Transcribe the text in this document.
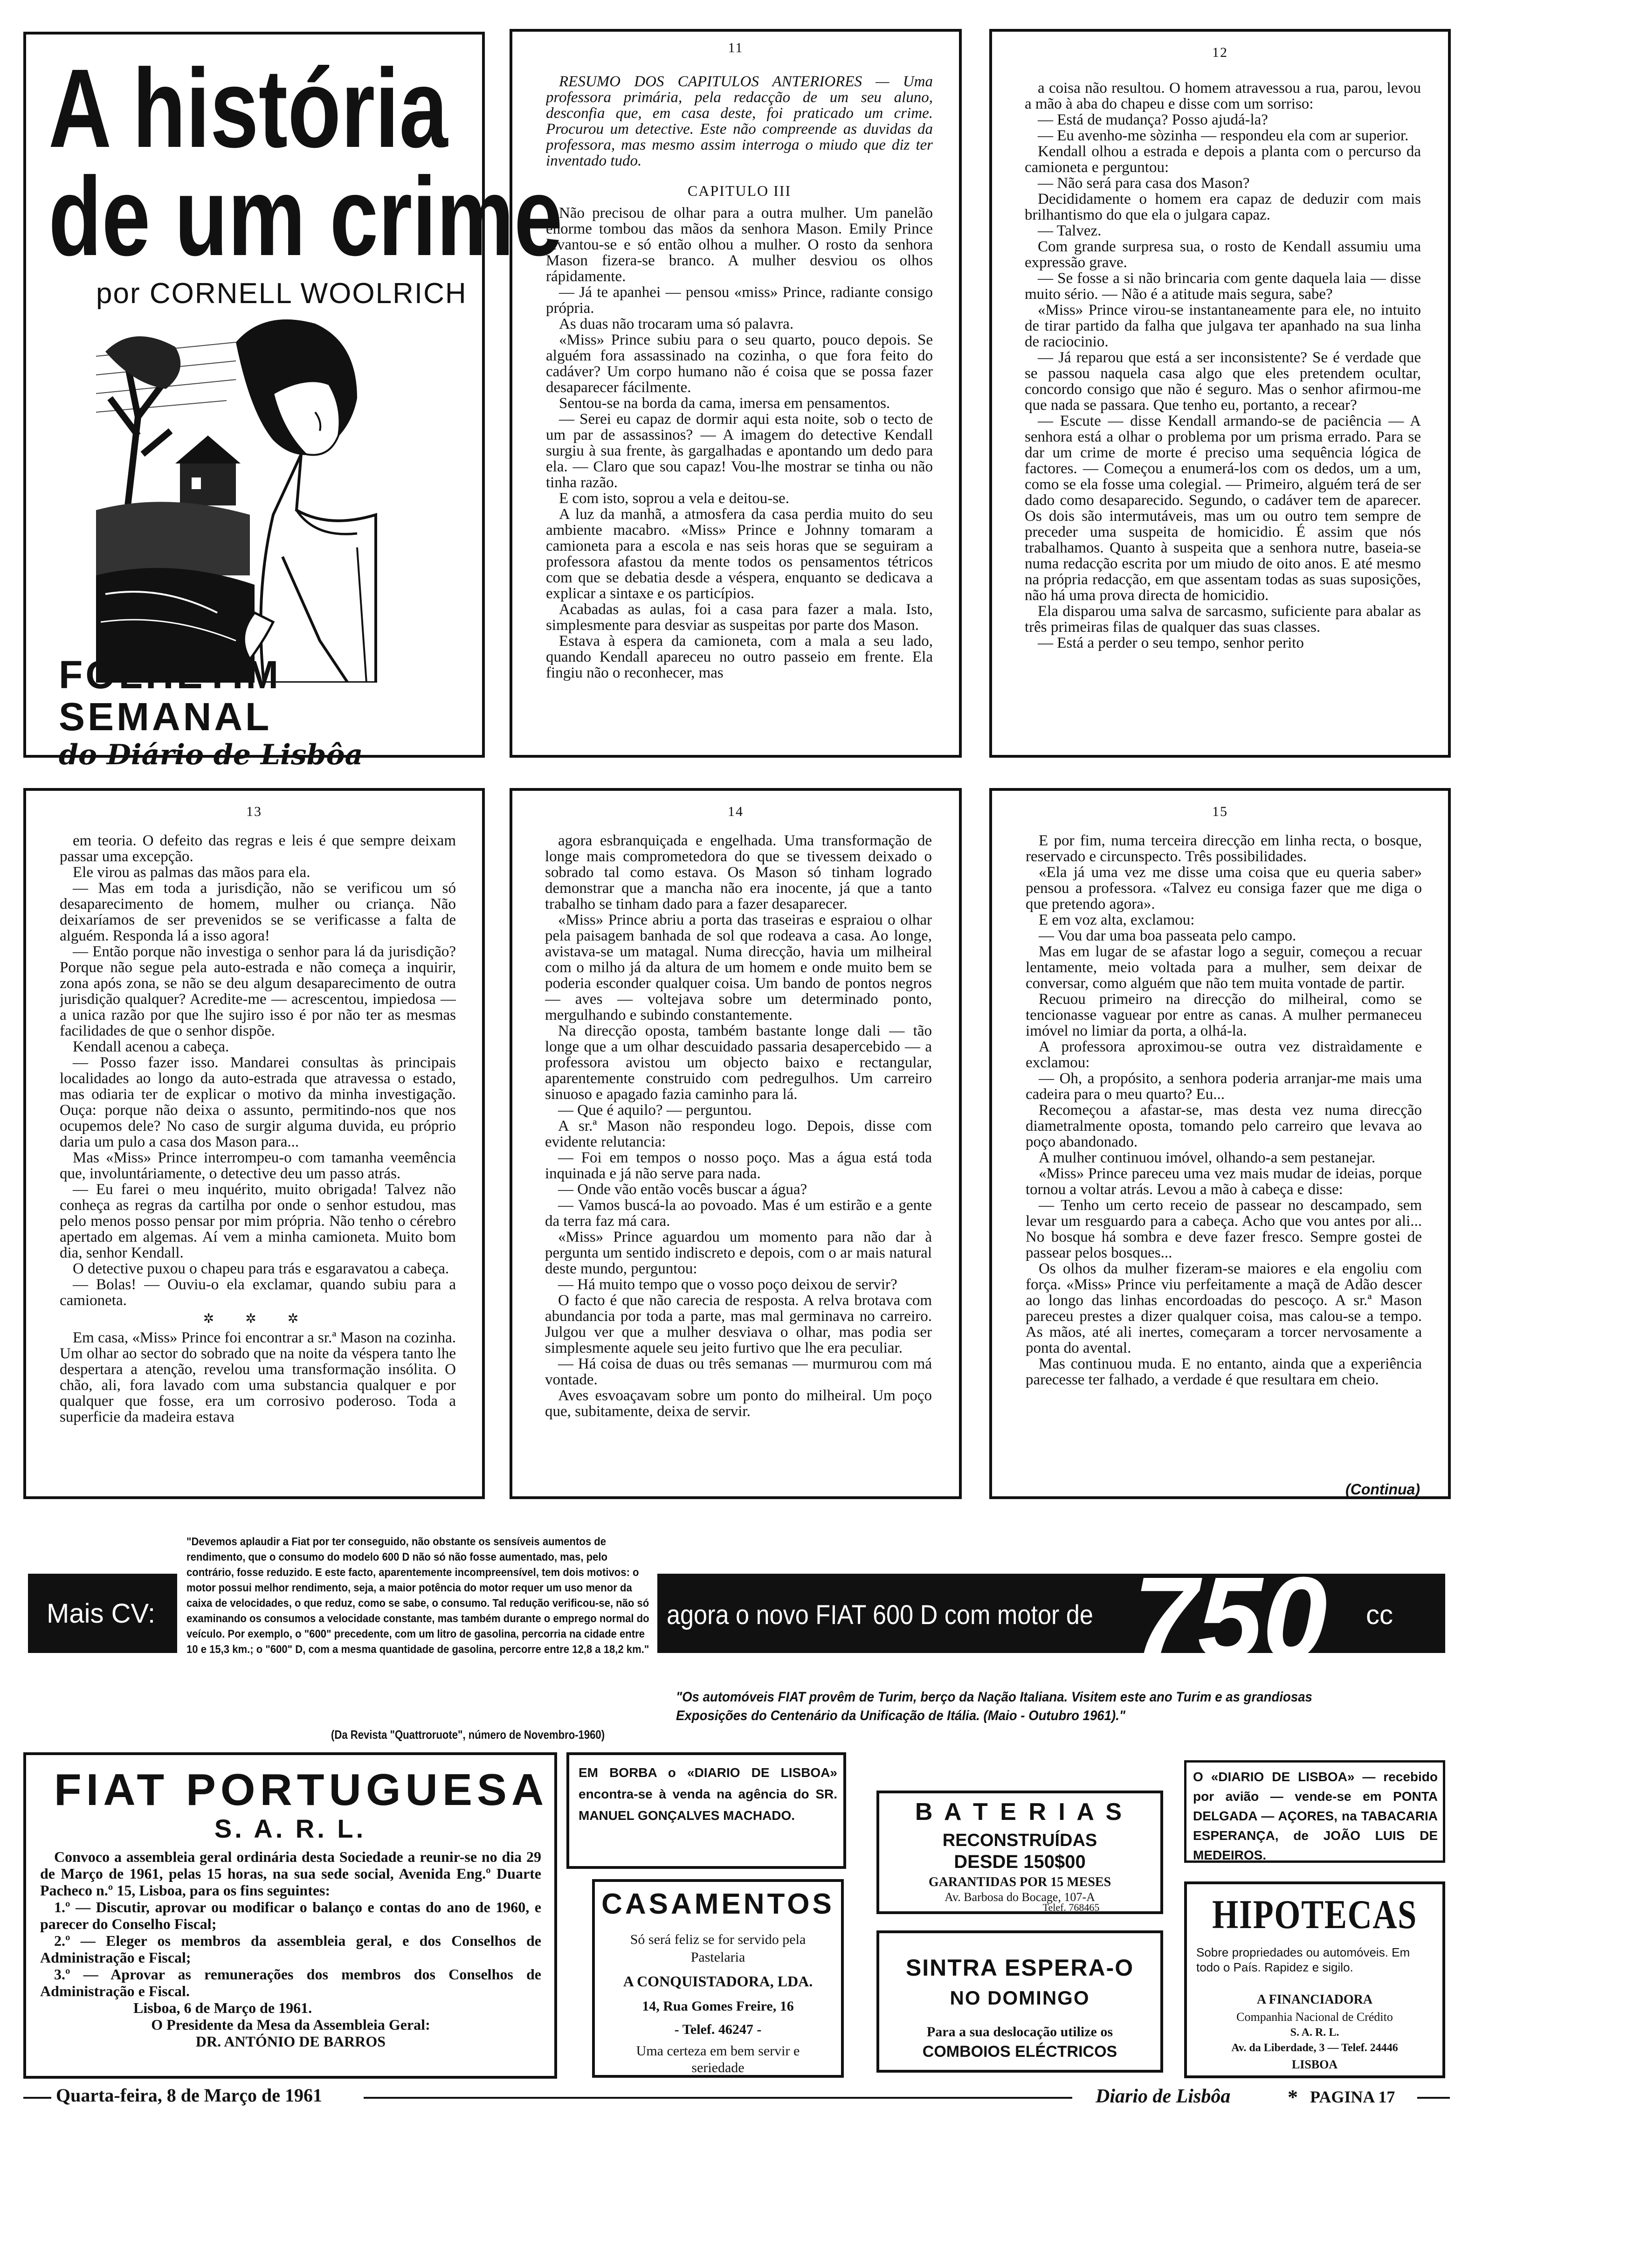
A história
de um crime
por CORNELL WOOLRICH
FOLHETIM
SEMANAL
do Diário de Lisbôa
11

RESUMO DOS CAPITULOS ANTERIORES — Uma professora primária, pela redacção de um seu aluno, desconfia que, em casa deste, foi praticado um crime. Procurou um detective. Este não compreende as duvidas da professora, mas mesmo assim interroga o miudo que diz ter inventado tudo.

CAPITULO III

Não precisou de olhar para a outra mulher. Um panelão enorme tombou das mãos da senhora Mason. Emily Prince levantou-se e só então olhou a mulher. O rosto da senhora Mason fizera-se branco. A mulher desviou os olhos rápidamente.

— Já te apanhei — pensou «miss» Prince, radiante consigo própria.

As duas não trocaram uma só palavra.

«Miss» Prince subiu para o seu quarto, pouco depois. Se alguém fora assassinado na cozinha, o que fora feito do cadáver? Um corpo humano não é coisa que se possa fazer desaparecer fácilmente.

Sentou-se na borda da cama, imersa em pensamentos.

— Serei eu capaz de dormir aqui esta noite, sob o tecto de um par de assassinos? — A imagem do detective Kendall surgiu à sua frente, às gargalhadas e apontando um dedo para ela. — Claro que sou capaz! Vou-lhe mostrar se tinha ou não tinha razão.

E com isto, soprou a vela e deitou-se.

A luz da manhã, a atmosfera da casa perdia muito do seu ambiente macabro. «Miss» Prince e Johnny tomaram a camioneta para a escola e nas seis horas que se seguiram a professora afastou da mente todos os pensamentos tétricos com que se debatia desde a véspera, enquanto se dedicava a explicar a sintaxe e os particípios.

Acabadas as aulas, foi a casa para fazer a mala. Isto, simplesmente para desviar as suspeitas por parte dos Mason.

Estava à espera da camioneta, com a mala a seu lado, quando Kendall apareceu no outro passeio em frente. Ela fingiu não o reconhecer, mas

12

a coisa não resultou. O homem atravessou a rua, parou, levou a mão à aba do chapeu e disse com um sorriso:

— Está de mudança? Posso ajudá-la?

— Eu avenho-me sòzinha — respondeu ela com ar superior.

Kendall olhou a estrada e depois a planta com o percurso da camioneta e perguntou:

— Não será para casa dos Mason?

Decididamente o homem era capaz de deduzir com mais brilhantismo do que ela o julgara capaz.

— Talvez.

Com grande surpresa sua, o rosto de Kendall assumiu uma expressão grave.

— Se fosse a si não brincaria com gente daquela laia — disse muito sério. — Não é a atitude mais segura, sabe?

«Miss» Prince virou-se instantaneamente para ele, no intuito de tirar partido da falha que julgava ter apanhado na sua linha de raciocinio.

— Já reparou que está a ser inconsistente? Se é verdade que se passou naquela casa algo que eles pretendem ocultar, concordo consigo que não é seguro. Mas o senhor afirmou-me que nada se passara. Que tenho eu, portanto, a recear?

— Escute — disse Kendall armando-se de paciência — A senhora está a olhar o problema por um prisma errado. Para se dar um crime de morte é preciso uma sequência lógica de factores. — Começou a enumerá-los com os dedos, um a um, como se ela fosse uma colegial. — Primeiro, alguém terá de ser dado como desaparecido. Segundo, o cadáver tem de aparecer. Os dois são intermutáveis, mas um ou outro tem sempre de preceder uma suspeita de homicidio. É assim que nós trabalhamos. Quanto à suspeita que a senhora nutre, baseia-se numa redacção escrita por um miudo de oito anos. E até mesmo na própria redacção, em que assentam todas as suas suposições, não há uma prova directa de homicidio.

Ela disparou uma salva de sarcasmo, suficiente para abalar as três primeiras filas de qualquer das suas classes.

— Está a perder o seu tempo, senhor perito

13

em teoria. O defeito das regras e leis é que sempre deixam passar uma excepção.

Ele virou as palmas das mãos para ela.

— Mas em toda a jurisdição, não se verificou um só desaparecimento de homem, mulher ou criança. Não deixaríamos de ser prevenidos se se verificasse a falta de alguém. Responda lá a isso agora!

— Então porque não investiga o senhor para lá da jurisdição? Porque não segue pela auto-estrada e não começa a inquirir, zona após zona, se não se deu algum desaparecimento de outra jurisdição qualquer? Acredite-me — acrescentou, impiedosa — a unica razão por que lhe sujiro isso é por não ter as mesmas facilidades de que o senhor dispõe.

Kendall acenou a cabeça.

— Posso fazer isso. Mandarei consultas às principais localidades ao longo da auto-estrada que atravessa o estado, mas odiaria ter de explicar o motivo da minha investigação. Ouça: porque não deixa o assunto, permitindo-nos que nos ocupemos dele? No caso de surgir alguma duvida, eu próprio daria um pulo a casa dos Mason para...

Mas «Miss» Prince interrompeu-o com tamanha veemência que, involuntáriamente, o detective deu um passo atrás.

— Eu farei o meu inquérito, muito obrigada! Talvez não conheça as regras da cartilha por onde o senhor estudou, mas pelo menos posso pensar por mim própria. Não tenho o cérebro apertado em algemas. Aí vem a minha camioneta. Muito bom dia, senhor Kendall.

O detective puxou o chapeu para trás e esgaravatou a cabeça.

— Bolas! — Ouviu-o ela exclamar, quando subiu para a camioneta.

✲ ✲ ✲

Em casa, «Miss» Prince foi encontrar a sr.ª Mason na cozinha. Um olhar ao sector do sobrado que na noite da véspera tanto lhe despertara a atenção, revelou uma transformação insólita. O chão, ali, fora lavado com uma substancia qualquer e por qualquer que fosse, era um corrosivo poderoso. Toda a superficie da madeira estava

14

agora esbranquiçada e engelhada. Uma transformação de longe mais comprometedora do que se tivessem deixado o sobrado tal como estava. Os Mason só tinham logrado demonstrar que a mancha não era inocente, já que a tanto trabalho se tinham dado para a fazer desaparecer.

«Miss» Prince abriu a porta das traseiras e espraiou o olhar pela paisagem banhada de sol que rodeava a casa. Ao longe, avistava-se um matagal. Numa direcção, havia um milheiral com o milho já da altura de um homem e onde muito bem se poderia esconder qualquer coisa. Um bando de pontos negros — aves — voltejava sobre um determinado ponto, mergulhando e subindo constantemente.

Na direcção oposta, também bastante longe dali — tão longe que a um olhar descuidado passaria desapercebido — a professora avistou um objecto baixo e rectangular, aparentemente construido com pedregulhos. Um carreiro sinuoso e apagado fazia caminho para lá.

— Que é aquilo? — perguntou.

A sr.ª Mason não respondeu logo. Depois, disse com evidente relutancia:

— Foi em tempos o nosso poço. Mas a água está toda inquinada e já não serve para nada.

— Onde vão então vocês buscar a água?

— Vamos buscá-la ao povoado. Mas é um estirão e a gente da terra faz má cara.

«Miss» Prince aguardou um momento para não dar à pergunta um sentido indiscreto e depois, com o ar mais natural deste mundo, perguntou:

— Há muito tempo que o vosso poço deixou de servir?

O facto é que não carecia de resposta. A relva brotava com abundancia por toda a parte, mas mal germinava no carreiro. Julgou ver que a mulher desviava o olhar, mas podia ser simplesmente aquele seu jeito furtivo que lhe era peculiar.

— Há coisa de duas ou três semanas — murmurou com má vontade.

Aves esvoaçavam sobre um ponto do milheiral. Um poço que, subitamente, deixa de servir.

15

E por fim, numa terceira direcção em linha recta, o bosque, reservado e circunspecto. Três possibilidades.

«Ela já uma vez me disse uma coisa que eu queria saber» pensou a professora. «Talvez eu consiga fazer que me diga o que pretendo agora».

E em voz alta, exclamou:

— Vou dar uma boa passeata pelo campo.

Mas em lugar de se afastar logo a seguir, começou a recuar lentamente, meio voltada para a mulher, sem deixar de conversar, como alguém que não tem muita vontade de partir.

Recuou primeiro na direcção do milheiral, como se tencionasse vaguear por entre as canas. A mulher permaneceu imóvel no limiar da porta, a olhá-la.

A professora aproximou-se outra vez distraìdamente e exclamou:

— Oh, a propósito, a senhora poderia arranjar-me mais uma cadeira para o meu quarto? Eu...

Recomeçou a afastar-se, mas desta vez numa direcção diametralmente oposta, tomando pelo carreiro que levava ao poço abandonado.

A mulher continuou imóvel, olhando-a sem pestanejar.

«Miss» Prince pareceu uma vez mais mudar de ideias, porque tornou a voltar atrás. Levou a mão à cabeça e disse:

— Tenho um certo receio de passear no descampado, sem levar um resguardo para a cabeça. Acho que vou antes por ali... No bosque há sombra e deve fazer fresco. Sempre gostei de passear pelos bosques...

Os olhos da mulher fizeram-se maiores e ela engoliu com força. «Miss» Prince viu perfeitamente a maçã de Adão descer ao longo das linhas encordoadas do pescoço. A sr.ª Mason pareceu prestes a dizer qualquer coisa, mas calou-se a tempo. As mãos, até ali inertes, começaram a torcer nervosamente a ponta do avental.

Mas continuou muda. E no entanto, ainda que a experiência parecesse ter falhado, a verdade é que resultara em cheio.

(Continua)
"Devemos aplaudir a Fiat por ter conseguido, não obstante os sensíveis aumentos de rendimento, que o consumo do modelo 600 D não só não fosse aumentado, mas, pelo contrário, fosse reduzido. E este facto, aparentemente incompreensível, tem dois motivos: o motor possui melhor rendimento, seja, a maior potência do motor requer um uso menor da caixa de velocidades, o que reduz, como se sabe, o consumo. Tal redução verificou-se, não só examinando os consumos a velocidade constante, mas também durante o emprego normal do veículo. Por exemplo, o "600" precedente, com um litro de gasolina, percorria na cidade entre 10 e 15,3 km.; o "600" D, com a mesma quantidade de gasolina, percorre entre 12,8 a 18,2 km."
(Da Revista "Quattroruote", número de Novembro-1960)
Mais CV:	agora o novo FIAT 600 D com motor de 750 cc
"Os automóveis FIAT provêm de Turim, berço da Nação Italiana. Visitem este ano Turim e as grandiosas Exposições do Centenário da Unificação de Itália. (Maio - Outubro 1961)."
FIAT PORTUGUESA
S. A. R. L.

Convoco a assembleia geral ordinária desta Sociedade a reunir-se no dia 29 de Março de 1961, pelas 15 horas, na sua sede social, Avenida Eng.º Duarte Pacheco n.º 15, Lisboa, para os fins seguintes:

1.º — Discutir, aprovar ou modificar o balanço e contas do ano de 1960, e parecer do Conselho Fiscal;

2.º — Eleger os membros da assembleia geral, e dos Conselhos de Administração e Fiscal;

3.º — Aprovar as remunerações dos membros dos Conselhos de Administração e Fiscal.

Lisboa, 6 de Março de 1961.

O Presidente da Mesa da Assembleia Geral:

DR. ANTÓNIO DE BARROS

EM BORBA o «DIARIO DE LISBOA» encontra-se à venda na agência do SR. MANUEL GONÇALVES MACHADO.
CASAMENTOS
Só será feliz se for servido pela Pastelaria
A CONQUISTADORA, LDA.
14, Rua Gomes Freire, 16
- Telef. 46247 -
Uma certeza em bem servir e seriedade
B A T E R I A S
RECONSTRUÍDAS
DESDE 150$00
GARANTIDAS POR 15 MESES
Av. Barbosa do Bocage, 107-A
Telef. 768465
SINTRA ESPERA-O
NO DOMINGO
Para a sua deslocação utilize os
COMBOIOS ELÉCTRICOS
O «DIARIO DE LISBOA» — recebido por avião — vende-se em PONTA DELGADA — AÇORES, na TABACARIA ESPERANÇA, de JOÃO LUIS DE MEDEIROS.
HIPOTECAS
Sobre propriedades ou automóveis. Em todo o País. Rapidez e sigilo.
A FINANCIADORA
Companhia Nacional de Crédito
S. A. R. L.
Av. da Liberdade, 3 — Telef. 24446
LISBOA
Quarta-feira, 8 de Março de 1961	Diario de Lisbôa	* PAGINA 17
